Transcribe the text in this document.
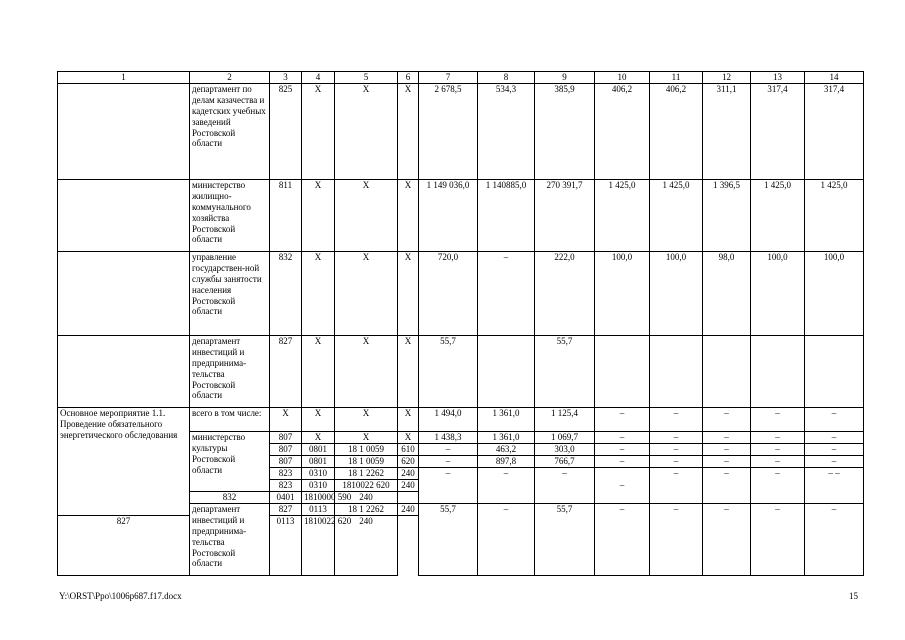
1	2	3	4	5	6	7	8	9	10	11	12	13	14
	департамент по делам казачества и кадетских учебных заведений Ростовской области	825	X	X	X	2 678,5	534,3	385,9	406,2	406,2	311,1	317,4	317,4
	министерство жилищно-коммунального хозяйства Ростовской области	811	X	X	X	1 149 036,0	1 140885,0	270 391,7	1 425,0	1 425,0	1 396,5	1 425,0	1 425,0
	управление государствен-ной службы занятости населения Ростовской области	832	X	X	X	720,0	–	222,0	100,0	100,0	98,0	100,0	100,0
	департамент инвестиций и предпринима-тельства Ростовской области	827	X	X	X	55,7		55,7					
Основное мероприятие 1.1. Проведение обязательного энергетического обследования	всего в том числе:	X	X	X	X	1 494,0	1 361,0	1 125,4	–	–	–	–	–
	министерство культуры Ростовской области	807	X	X	X	1 438,3	1 361,0	1 069,7	–	–	–	–	–
		807	0801	18 1 0059	610	–	463,2	303,0	–	–	–	–	–
		807	0801	18 1 0059	620	–	897,8	766,7	–	–	–	–	–
		823	0310	18 1 2262	240	–	–	–	–	–	–	–	– –
		823	0310	1810022 620	240								
	832	0401	1810000 590	240									
	департамент инвестиций и предпринима-тельства Ростовской области	827	0113	18 1 2262	240	55,7	–	55,7	–	–	–	–	–
827		0113	1810022 620	240									
Y:\ORST\Ppo\1006p687.f17.docx	15
